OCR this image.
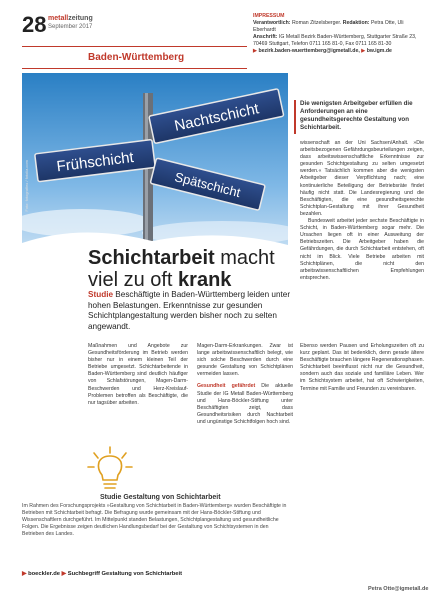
28 metallzeitung
September 2017
Baden-Württemberg
IMPRESSUM
Verantwortlich: Roman Zitzelsberger. Redaktion: Petra Otte, Uli Eberhardt
Anschrift: IG Metall Bezirk Baden-Württemberg, Stuttgarter Straße 23,
70469 Stuttgart, Telefon 0711 165 81-0, Fax 0711 165 81-30
▶ bezirk.baden-wuerttemberg@igmetall.de, ▶ bw.igm.de
Die wenigsten Arbeitgeber erfüllen die Anforderungen an eine gesundheitsgerechte Gestaltung von Schichtarbeit.
Nachtschicht
Frühschicht
Spätschicht
Foto: fotografiex / fotolia.com
Schichtarbeit macht
viel zu oft krank
Studie Beschäftigte in Baden-Württemberg leiden unter hohen Belastungen. Erkenntnisse zur gesunden Schichtplangestaltung werden bisher noch zu selten angewandt.
wissenschaft an der Uni Sachsen/Anhalt. »Die arbeitsbezogenen Gefährdungsbeurteilungen zeigen, dass arbeitswissenschaftliche Erkenntnisse zur gesunden Schichtgestaltung zu selten umgesetzt werden.« Tatsächlich kommen aber die wenigsten Arbeitgeber dieser Verpflichtung nach; eine kontinuierliche Beteiligung der Betriebsräte findet häufig nicht statt. Die Landesregierung und die Beschäftigten, die eine gesundheitsgerechte Schichtplan-Gestaltung mit ihrer Gesundheit bezahlen.
Bundesweit arbeitet jeder sechste Beschäftigte in Schicht, in Baden-Württemberg sogar mehr. Die Ursachen liegen oft in einer Ausweitung der Betriebszeiten. Die Arbeitgeber haben die Gefährdungen, die durch Schichtarbeit entstehen, oft nicht im Blick. Viele Betriebe arbeiten mit Schichtplänen, die nicht den arbeitswissenschaftlichen Empfehlungen entsprechen.
Maßnahmen und Angebote zur Gesundheitsförderung im Betrieb werden bisher nur in einem kleinen Teil der Betriebe umgesetzt. Schichtarbeitende in Baden-Württemberg sind deutlich häufiger von Schlafstörungen, Magen-Darm-Beschwerden und Herz-Kreislauf-Problemen betroffen als Beschäftigte, die nur tagsüber arbeiten.
Magen-Darm-Erkrankungen. Zwar ist lange arbeitswissenschaftlich belegt, wie sich solche Beschwerden durch eine gesunde Gestaltung von Schichtplänen vermeiden lassen.
Gesundheit gefährdet Die aktuelle Studie der IG Metall Baden-Württemberg und Hans-Böckler-Stiftung unter Beschäftigten zeigt, dass Gesundheitsrisiken durch Nachtarbeit und ungünstige Schichtfolgen hoch sind.
Ebenso werden Pausen und Erholungszeiten oft zu kurz geplant. Das ist bedenklich, denn gerade ältere Beschäftigte brauchen längere Regenerationsphasen. Schichtarbeit beeinflusst nicht nur die Gesundheit, sondern auch das soziale und familiäre Leben. Wer im Schichtsystem arbeitet, hat oft Schwierigkeiten, Termine mit Familie und Freunden zu vereinbaren.
Petra Otte@igmetall.de
Studie Gestaltung von Schichtarbeit
Im Rahmen des Forschungsprojekts »Gestaltung von Schichtarbeit in Baden-Württemberg« wurden Beschäftigte in Betrieben mit Schichtarbeit befragt. Die Befragung wurde gemeinsam mit der Hans-Böckler-Stiftung und Wissenschaftlern durchgeführt. Im Mittelpunkt standen Belastungen, Schichtplangestaltung und gesundheitliche Folgen. Die Ergebnisse zeigen deutlichen Handlungsbedarf bei der Gestaltung von Schichtsystemen in den Betrieben des Landes.
▶ boeckler.de ▶ Suchbegriff Gestaltung von Schichtarbeit
